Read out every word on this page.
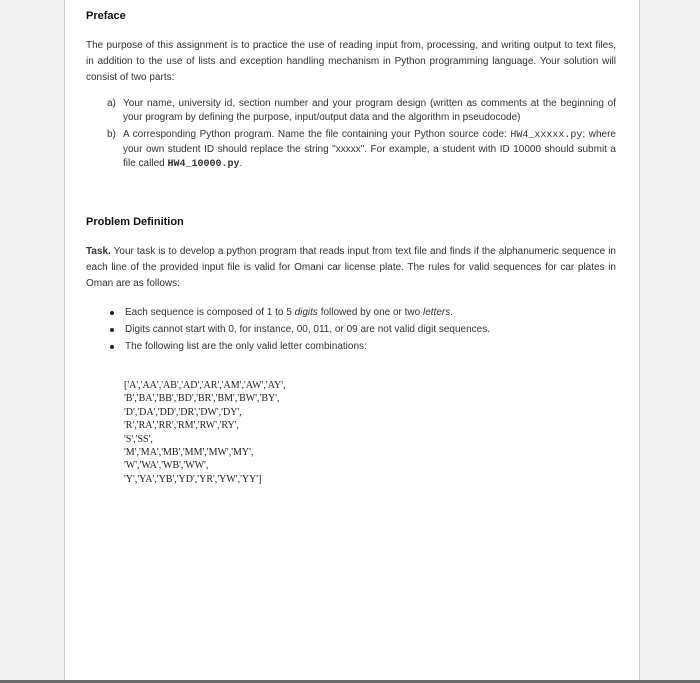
Preface

The purpose of this assignment is to practice the use of reading input from, processing, and writing output to text files, in addition to the use of lists and exception handling mechanism in Python programming language. Your solution will consist of two parts:

a) Your name, university id, section number and your program design (written as comments at the beginning of your program by defining the purpose, input/output data and the algorithm in pseudocode)
b) A corresponding Python program. Name the file containing your Python source code: HW4_xxxxx.py; where your own student ID should replace the string "xxxxx". For example, a student with ID 10000 should submit a file called HW4_10000.py.
Problem Definition

Task. Your task is to develop a python program that reads input from text file and finds if the alphanumeric sequence in each line of the provided input file is valid for Omani car license plate. The rules for valid sequences for car plates in Oman are as follows:

Each sequence is composed of 1 to 5 digits followed by one or two letters.
Digits cannot start with 0, for instance, 00, 011, or 09 are not valid digit sequences.
The following list are the only valid letter combinations:
['A','AA','AB','AD','AR','AM','AW','AY',
'B','BA','BB','BD','BR','BM','BW','BY',
'D','DA','DD','DR','DW','DY',
'R','RA','RR','RM','RW','RY',
'S','SS',
'M','MA','MB','MM','MW','MY',
'W','WA','WB','WW',
'Y','YA','YB','YD','YR','YW','YY']
